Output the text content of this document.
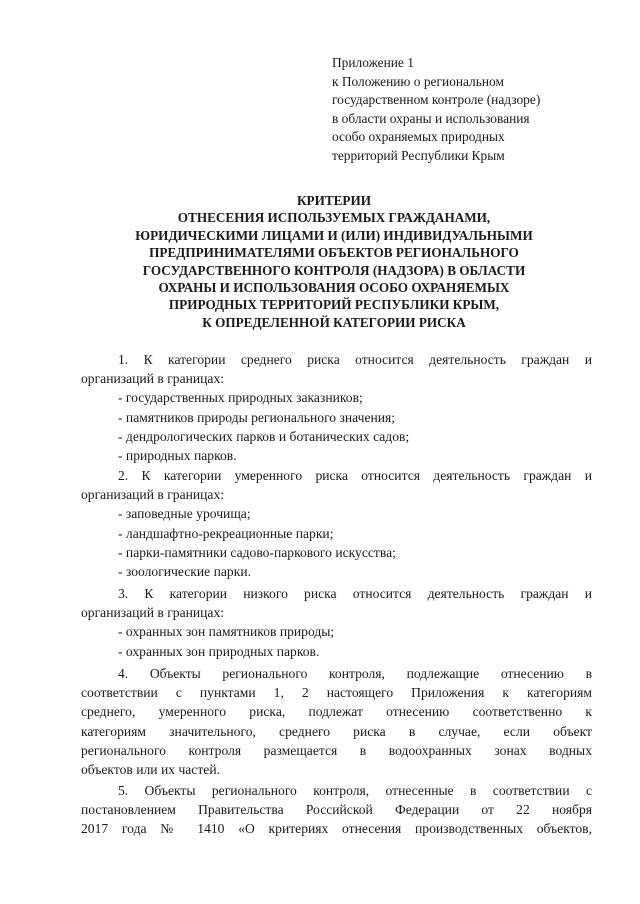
Приложение 1
к Положению о региональном
государственном контроле (надзоре)
в области охраны и использования
особо охраняемых природных
территорий Республики Крым
КРИТЕРИИ
ОТНЕСЕНИЯ ИСПОЛЬЗУЕМЫХ ГРАЖДАНАМИ,
ЮРИДИЧЕСКИМИ ЛИЦАМИ И (ИЛИ) ИНДИВИДУАЛЬНЫМИ
ПРЕДПРИНИМАТЕЛЯМИ ОБЪЕКТОВ РЕГИОНАЛЬНОГО
ГОСУДАРСТВЕННОГО КОНТРОЛЯ (НАДЗОРА) В ОБЛАСТИ
ОХРАНЫ И ИСПОЛЬЗОВАНИЯ ОСОБО ОХРАНЯЕМЫХ
ПРИРОДНЫХ ТЕРРИТОРИЙ РЕСПУБЛИКИ КРЫМ,
К ОПРЕДЕЛЕННОЙ КАТЕГОРИИ РИСКА
1. К категории среднего риска относится деятельность граждан и
организаций в границах:
- государственных природных заказников;
- памятников природы регионального значения;
- дендрологических парков и ботанических садов;
- природных парков.
2. К категории умеренного риска относится деятельность граждан и
организаций в границах:
- заповедные урочища;
- ландшафтно-рекреационные парки;
- парки-памятники садово-паркового искусства;
- зоологические парки.
3. К категории низкого риска относится деятельность граждан и
организаций в границах:
- охранных зон памятников природы;
- охранных зон природных парков.
4. Объекты регионального контроля, подлежащие отнесению в
соответствии с пунктами 1, 2 настоящего Приложения к категориям
среднего, умеренного риска, подлежат отнесению соответственно к
категориям значительного, среднего риска в случае, если объект
регионального контроля размещается в водоохранных зонах водных
объектов или их частей.
5. Объекты регионального контроля, отнесенные в соответствии с
постановлением Правительства Российской Федерации от 22 ноября
2017 года № 1410 «О критериях отнесения производственных объектов,
